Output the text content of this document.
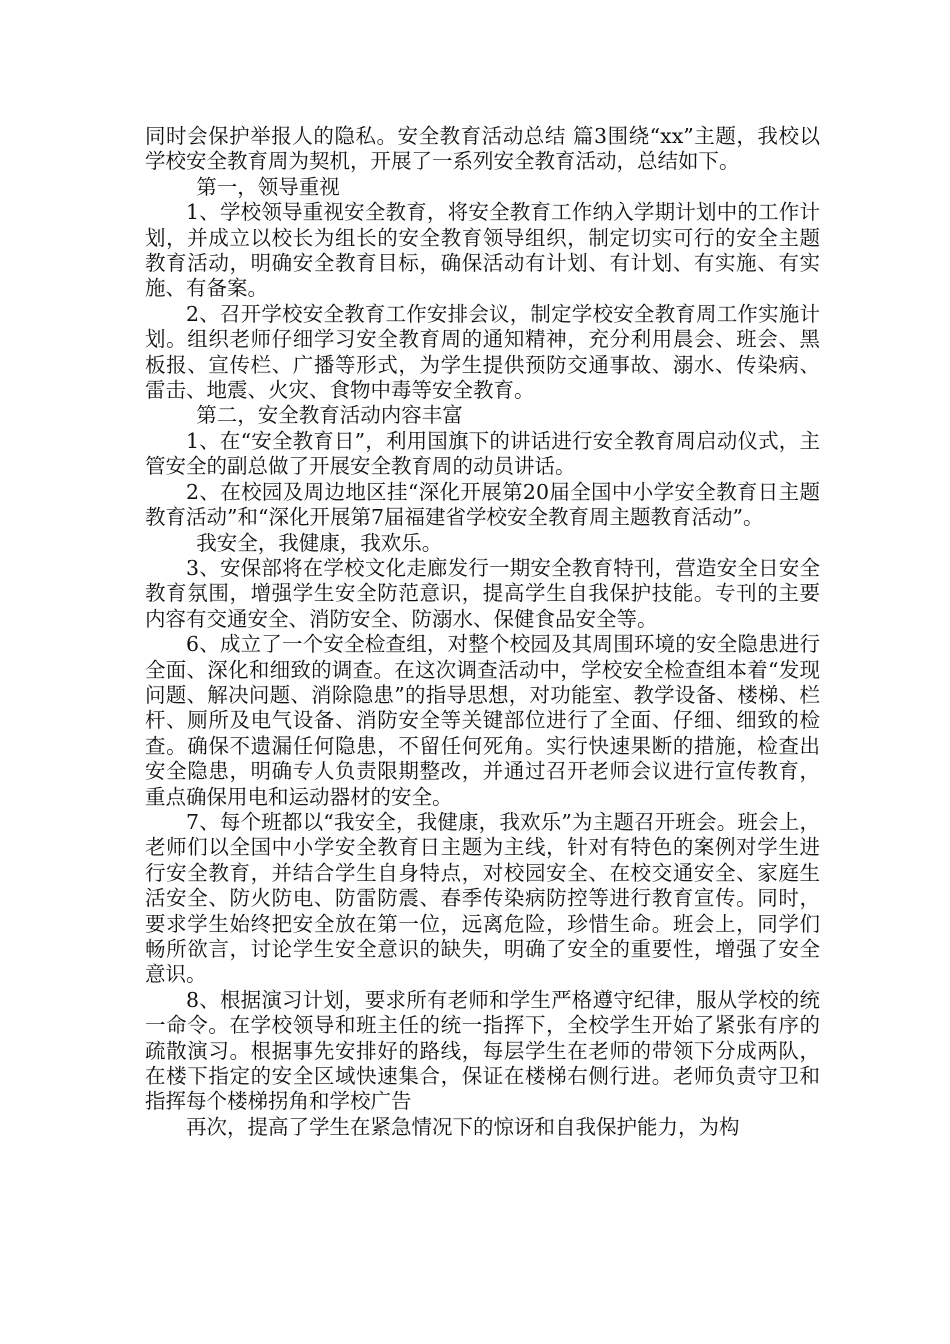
同时会保护举报人的隐私。安全教育活动总结 篇3围绕“xx”主题，我校以学校安全教育周为契机，开展了一系列安全教育活动，总结如下。

第一，领导重视

1、学校领导重视安全教育，将安全教育工作纳入学期计划中的工作计划，并成立以校长为组长的安全教育领导组织，制定切实可行的安全主题教育活动，明确安全教育目标，确保活动有计划、有计划、有实施、有实施、有备案。

2、召开学校安全教育工作安排会议，制定学校安全教育周工作实施计划。组织老师仔细学习安全教育周的通知精神，充分利用晨会、班会、黑板报、宣传栏、广播等形式，为学生提供预防交通事故、溺水、传染病、雷击、地震、火灾、食物中毒等安全教育。

第二，安全教育活动内容丰富

1、在“安全教育日”，利用国旗下的讲话进行安全教育周启动仪式，主管安全的副总做了开展安全教育周的动员讲话。

2、在校园及周边地区挂“深化开展第20届全国中小学安全教育日主题教育活动”和“深化开展第7届福建省学校安全教育周主题教育活动”。

我安全，我健康，我欢乐。

3、安保部将在学校文化走廊发行一期安全教育特刊，营造安全日安全教育氛围，增强学生安全防范意识，提高学生自我保护技能。专刊的主要内容有交通安全、消防安全、防溺水、保健食品安全等。

6、成立了一个安全检查组，对整个校园及其周围环境的安全隐患进行全面、深化和细致的调查。在这次调查活动中，学校安全检查组本着“发现问题、解决问题、消除隐患”的指导思想，对功能室、教学设备、楼梯、栏杆、厕所及电气设备、消防安全等关键部位进行了全面、仔细、细致的检查。确保不遗漏任何隐患，不留任何死角。实行快速果断的措施，检查出安全隐患，明确专人负责限期整改，并通过召开老师会议进行宣传教育，重点确保用电和运动器材的安全。

7、每个班都以“我安全，我健康，我欢乐”为主题召开班会。班会上，老师们以全国中小学安全教育日主题为主线，针对有特色的案例对学生进行安全教育，并结合学生自身特点，对校园安全、在校交通安全、家庭生活安全、防火防电、防雷防震、春季传染病防控等进行教育宣传。同时，要求学生始终把安全放在第一位，远离危险，珍惜生命。班会上，同学们畅所欲言，讨论学生安全意识的缺失，明确了安全的重要性，增强了安全意识。

8、根据演习计划，要求所有老师和学生严格遵守纪律，服从学校的统一命令。在学校领导和班主任的统一指挥下，全校学生开始了紧张有序的疏散演习。根据事先安排好的路线，每层学生在老师的带领下分成两队，在楼下指定的安全区域快速集合，保证在楼梯右侧行进。老师负责守卫和指挥每个楼梯拐角和学校广告

再次，提高了学生在紧急情况下的惊讶和自我保护能力，为构
